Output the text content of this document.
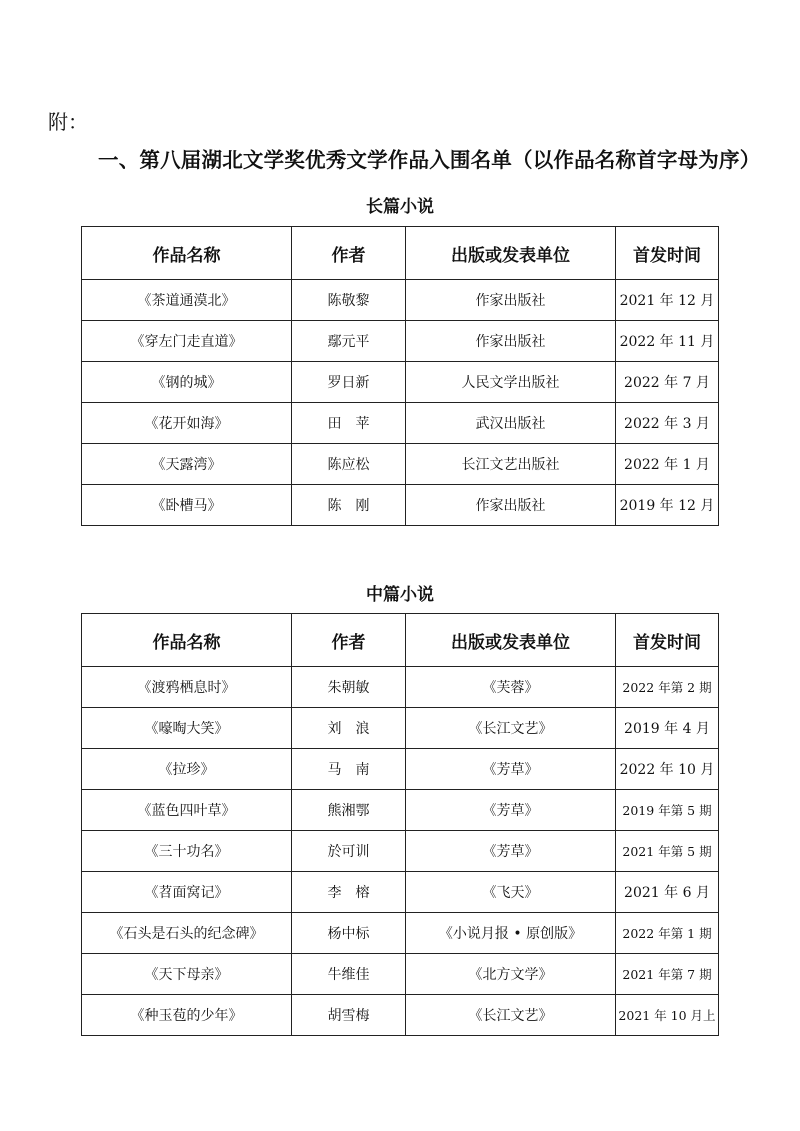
附：

一、第八届湖北文学奖优秀文学作品入围名单（以作品名称首字母为序）
长篇小说
作品名称	作者	出版或发表单位	首发时间
《茶道通漠北》	陈敬黎	作家出版社	2021 年 12 月
《穿左门走直道》	鄢元平	作家出版社	2022 年 11 月
《钢的城》	罗日新	人民文学出版社	2022 年 7 月
《花开如海》	田　苹	武汉出版社	2022 年 3 月
《天露湾》	陈应松	长江文艺出版社	2022 年 1 月
《卧槽马》	陈　刚	作家出版社	2019 年 12 月
中篇小说
作品名称	作者	出版或发表单位	首发时间
《渡鸦栖息时》	朱朝敏	《芙蓉》	2022 年第 2 期
《嚎啕大笑》	刘　浪	《长江文艺》	2019 年 4 月
《拉珍》	马　南	《芳草》	2022 年 10 月
《蓝色四叶草》	熊湘鄂	《芳草》	2019 年第 5 期
《三十功名》	於可训	《芳草》	2021 年第 5 期
《苕面窝记》	李　榕	《飞天》	2021 年 6 月
《石头是石头的纪念碑》	杨中标	《小说月报 • 原创版》	2022 年第 1 期
《天下母亲》	牛维佳	《北方文学》	2021 年第 7 期
《种玉苞的少年》	胡雪梅	《长江文艺》	2021 年 10 月上
